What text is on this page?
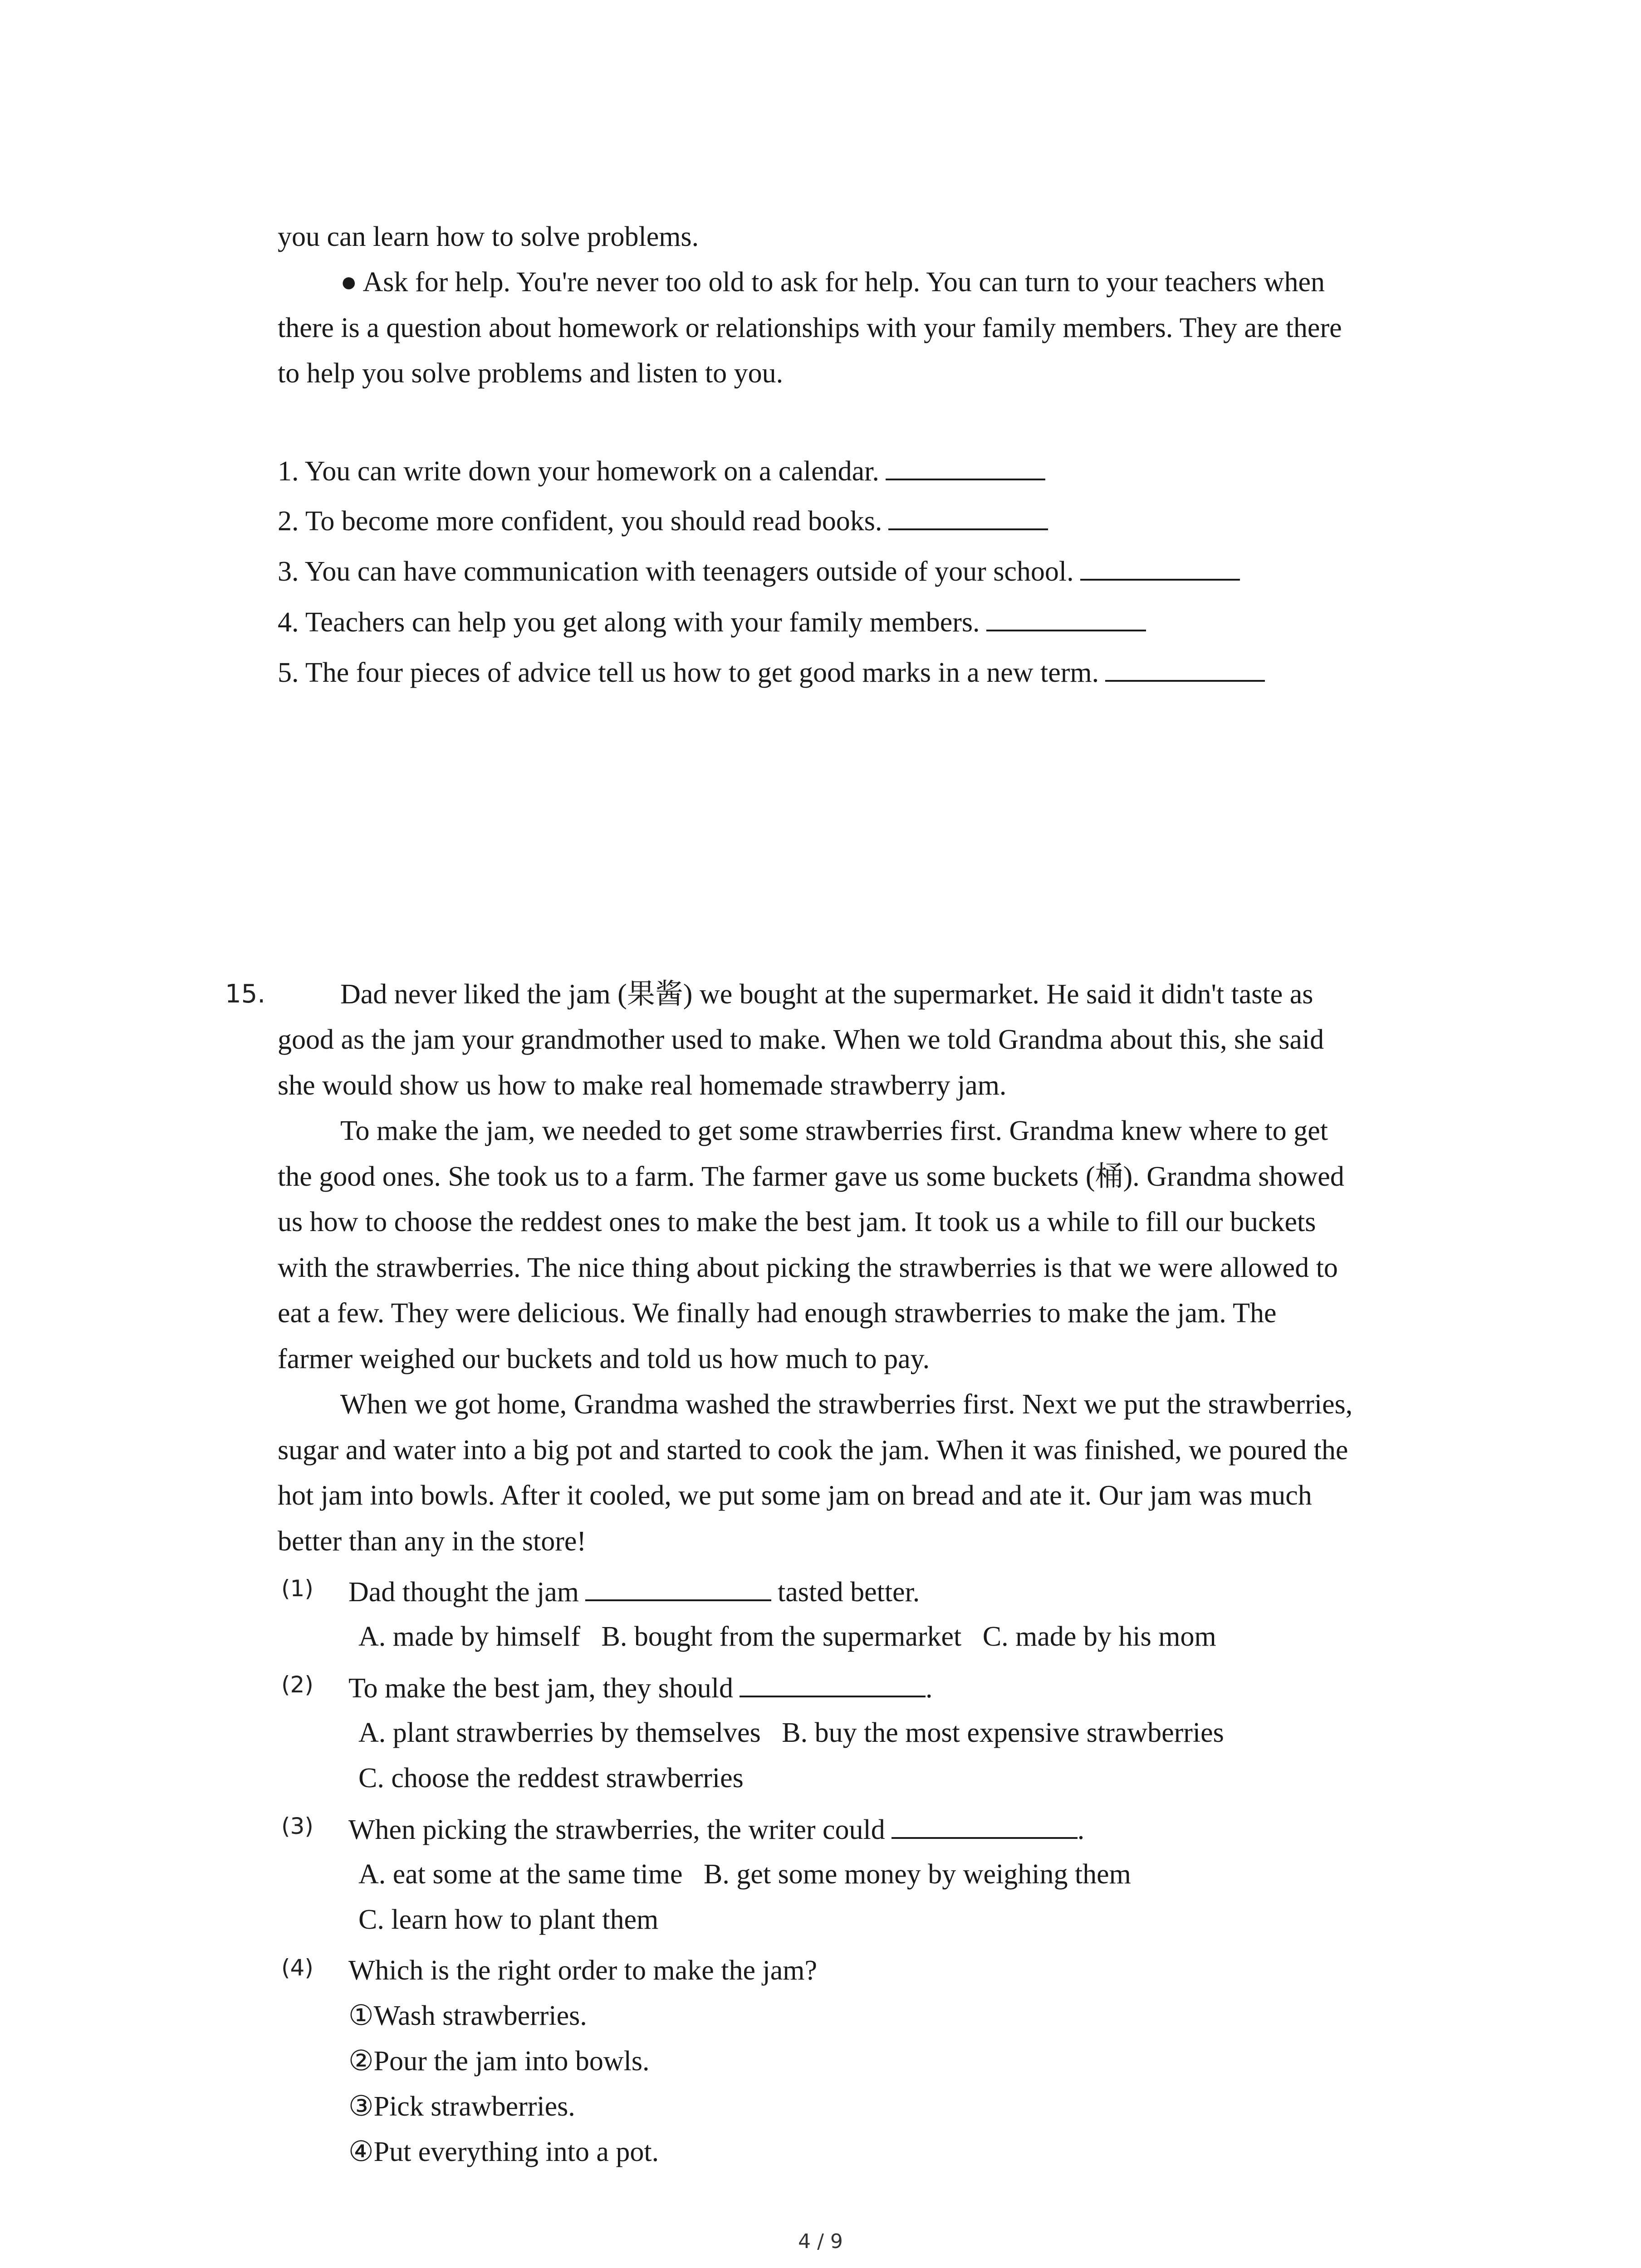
you can learn how to solve problems.
● Ask for help. You're never too old to ask for help. You can turn to your teachers when
there is a question about homework or relationships with your family members. They are there
to help you solve problems and listen to you.
1. You can write down your homework on a calendar.
2. To become more confident, you should read books.
3. You can have communication with teenagers outside of your school.
4. Teachers can help you get along with your family members.
5. The four pieces of advice tell us how to get good marks in a new term.
15.	Dad never liked the jam (果酱) we bought at the supermarket. He said it didn't taste as
good as the jam your grandmother used to make. When we told Grandma about this, she said
she would show us how to make real homemade strawberry jam.
To make the jam, we needed to get some strawberries first. Grandma knew where to get
the good ones. She took us to a farm. The farmer gave us some buckets (桶). Grandma showed
us how to choose the reddest ones to make the best jam. It took us a while to fill our buckets
with the strawberries. The nice thing about picking the strawberries is that we were allowed to
eat a few. They were delicious. We finally had enough strawberries to make the jam. The
farmer weighed our buckets and told us how much to pay.
When we got home, Grandma washed the strawberries first. Next we put the strawberries,
sugar and water into a big pot and started to cook the jam. When it was finished, we poured the
hot jam into bowls. After it cooled, we put some jam on bread and ate it. Our jam was much
better than any in the store!
(1) Dad thought the jam	tasted better.
A. made by himself   B. bought from the supermarket   C. made by his mom
(2) To make the best jam, they should	.
A. plant strawberries by themselves   B. buy the most expensive strawberries
C. choose the reddest strawberries
(3) When picking the strawberries, the writer could	.
A. eat some at the same time   B. get some money by weighing them
C. learn how to plant them
(4) Which is the right order to make the jam?
①Wash strawberries.
②Pour the jam into bowls.
③Pick strawberries.
④Put everything into a pot.
4 / 9
